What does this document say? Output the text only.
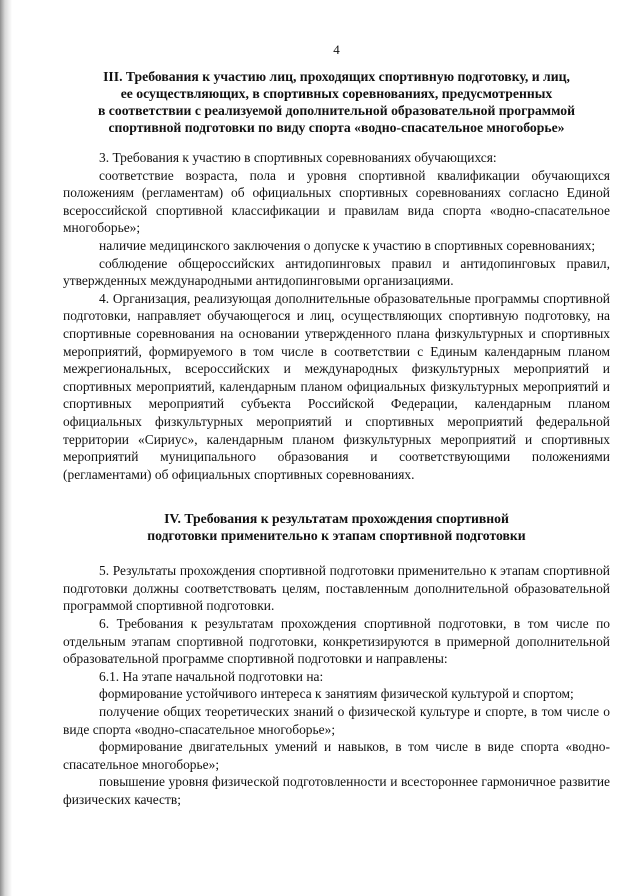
4
III. Требования к участию лиц, проходящих спортивную подготовку, и лиц,
ее осуществляющих, в спортивных соревнованиях, предусмотренных
в соответствии с реализуемой дополнительной образовательной программой
спортивной подготовки по виду спорта «водно-спасательное многоборье»

3. Требования к участию в спортивных соревнованиях обучающихся:

соответствие возраста, пола и уровня спортивной квалификации обучающихся положениям (регламентам) об официальных спортивных соревнованиях согласно Единой всероссийской спортивной классификации и правилам вида спорта «водно-спасательное многоборье»;

наличие медицинского заключения о допуске к участию в спортивных соревнованиях;

соблюдение общероссийских антидопинговых правил и антидопинговых правил, утвержденных международными антидопинговыми организациями.

4. Организация, реализующая дополнительные образовательные программы спортивной подготовки, направляет обучающегося и лиц, осуществляющих спортивную подготовку, на спортивные соревнования на основании утвержденного плана физкультурных и спортивных мероприятий, формируемого в том числе в соответствии с Единым календарным планом межрегиональных, всероссийских и международных физкультурных мероприятий и спортивных мероприятий, календарным планом официальных физкультурных мероприятий и спортивных мероприятий субъекта Российской Федерации, календарным планом официальных физкультурных мероприятий и спортивных мероприятий федеральной территории «Сириус», календарным планом физкультурных мероприятий и спортивных мероприятий муниципального образования и соответствующими положениями (регламентами) об официальных спортивных соревнованиях.

IV. Требования к результатам прохождения спортивной
подготовки применительно к этапам спортивной подготовки

5. Результаты прохождения спортивной подготовки применительно к этапам спортивной подготовки должны соответствовать целям, поставленным дополнительной образовательной программой спортивной подготовки.

6. Требования к результатам прохождения спортивной подготовки, в том числе по отдельным этапам спортивной подготовки, конкретизируются в примерной дополнительной образовательной программе спортивной подготовки и направлены:

6.1. На этапе начальной подготовки на:

формирование устойчивого интереса к занятиям физической культурой и спортом;

получение общих теоретических знаний о физической культуре и спорте, в том числе о виде спорта «водно-спасательное многоборье»;

формирование двигательных умений и навыков, в том числе в виде спорта «водно-спасательное многоборье»;

повышение уровня физической подготовленности и всестороннее гармоничное развитие физических качеств;
